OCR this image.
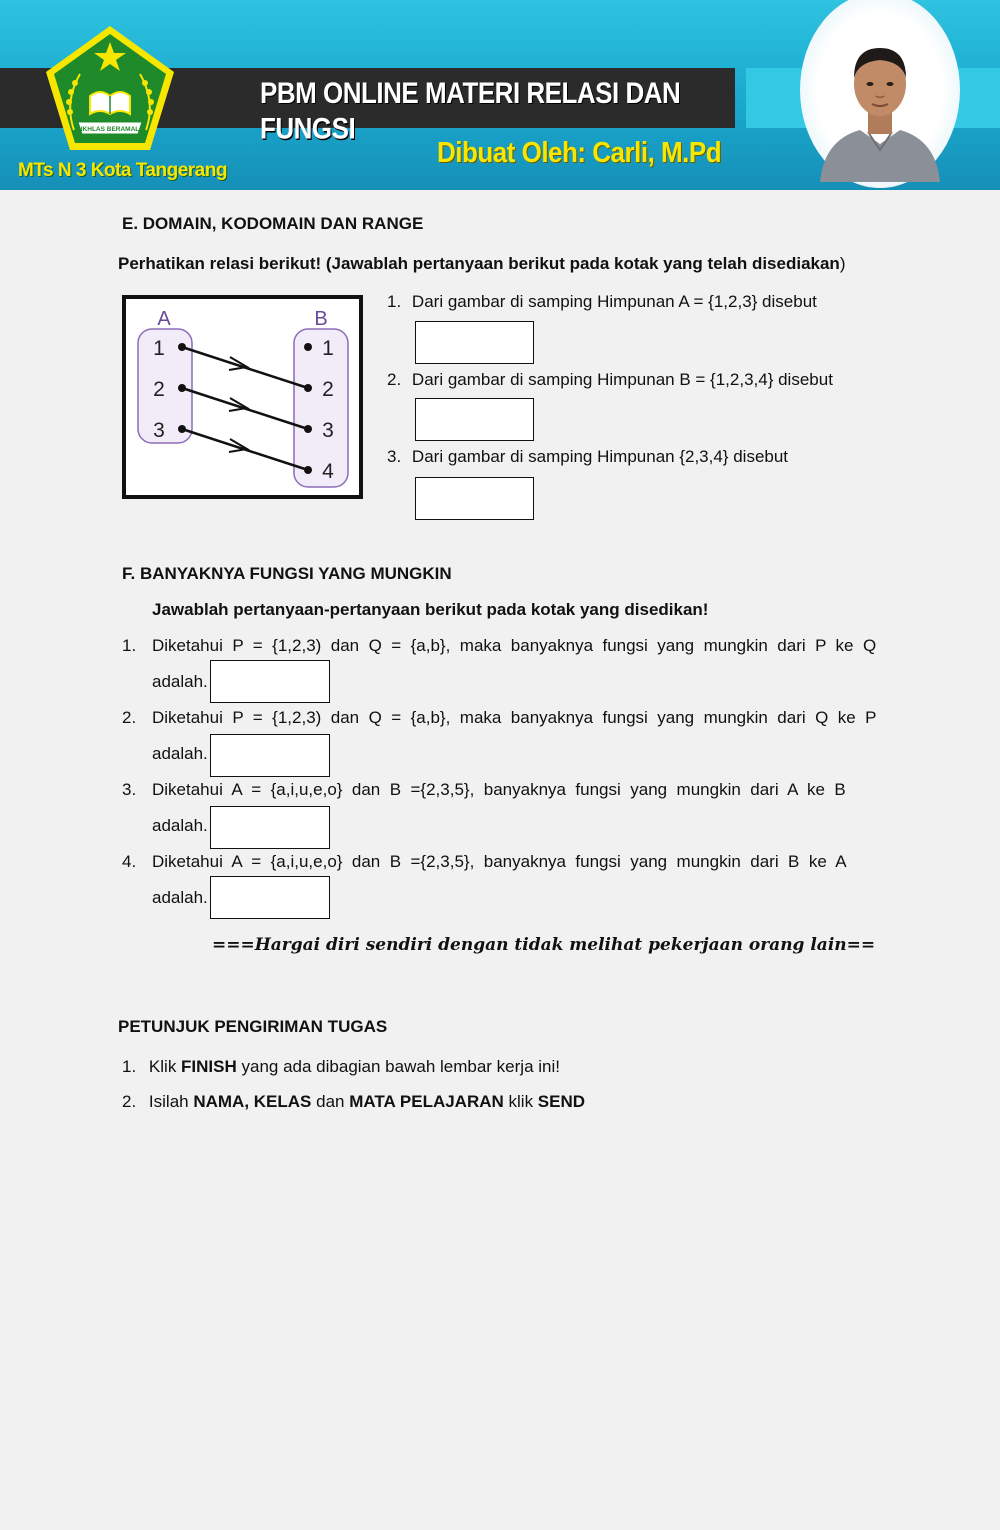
IKHLAS BERAMAL
PBM ONLINE MATERI RELASI DAN FUNGSI
Dibuat Oleh: Carli, M.Pd
MTs N 3 Kota Tangerang
E. DOMAIN, KODOMAIN DAN RANGE
Perhatikan relasi berikut! (Jawablah pertanyaan berikut pada kotak yang telah disediakan)
A	B
1
2
3
1
2
3
4
1. Dari gambar di samping Himpunan A = {1,2,3} disebut
2. Dari gambar di samping Himpunan B = {1,2,3,4} disebut
3. Dari gambar di samping Himpunan {2,3,4} disebut
F. BANYAKNYA FUNGSI YANG MUNGKIN
Jawablah pertanyaan-pertanyaan berikut pada kotak yang disedikan!
1. Diketahui  P  =  {1,2,3)  dan  Q  =  {a,b},  maka  banyaknya  fungsi  yang  mungkin  dari  P  ke  Q
adalah.
2. Diketahui  P  =  {1,2,3)  dan  Q  =  {a,b},  maka  banyaknya  fungsi  yang  mungkin  dari  Q  ke  P
adalah.
3. Diketahui  A  =  {a,i,u,e,o}  dan  B  ={2,3,5},  banyaknya  fungsi  yang  mungkin  dari  A  ke  B
adalah.
4. Diketahui  A  =  {a,i,u,e,o}  dan  B  ={2,3,5},  banyaknya  fungsi  yang  mungkin  dari  B  ke  A
adalah.
===Hargai diri sendiri dengan tidak melihat pekerjaan orang lain==
PETUNJUK PENGIRIMAN TUGAS
1. Klik FINISH yang ada dibagian bawah lembar kerja ini!
2. Isilah NAMA, KELAS dan MATA PELAJARAN klik SEND
